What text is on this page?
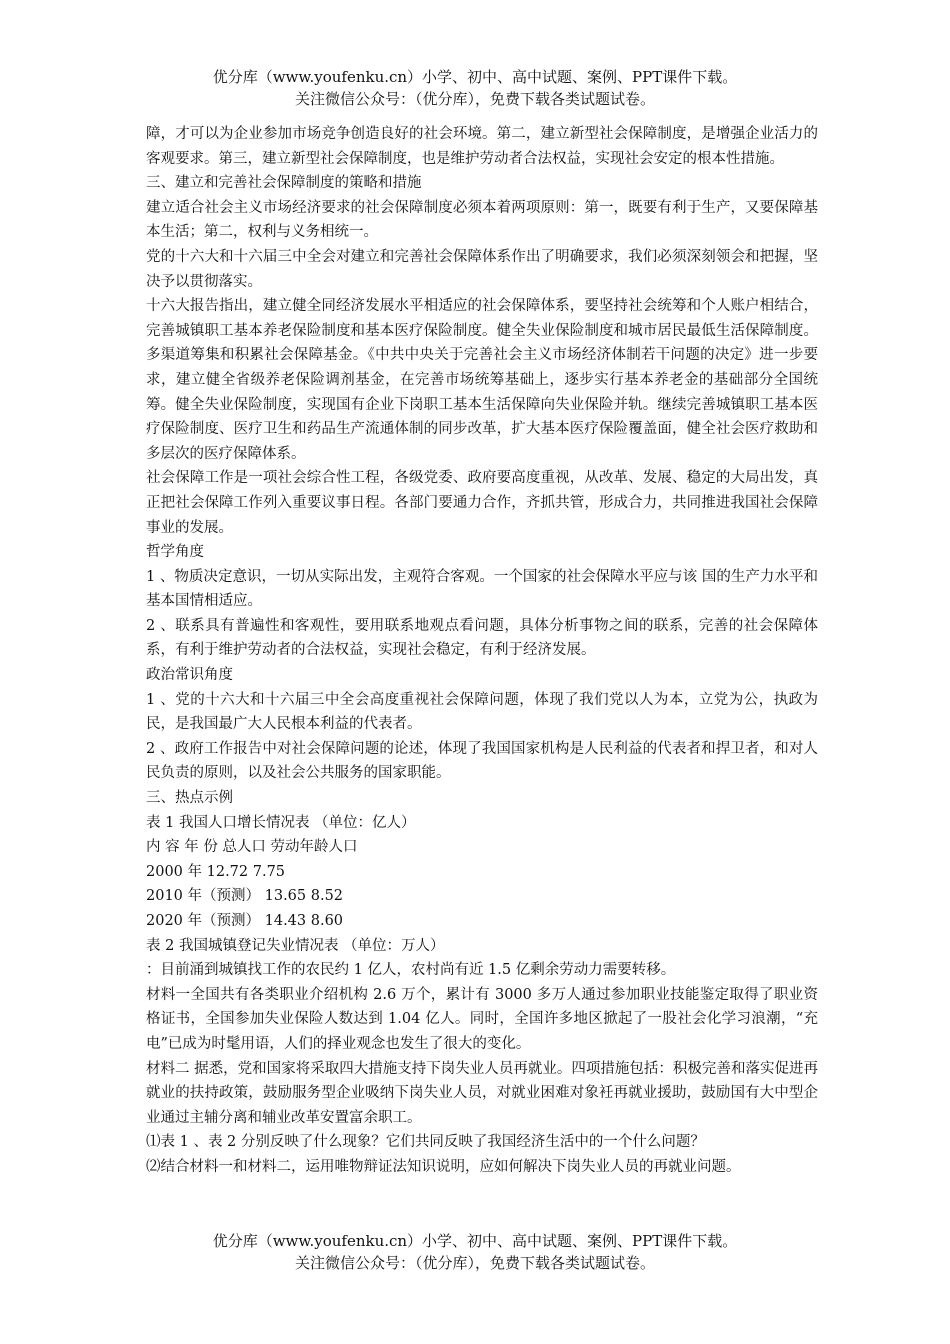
优分库（www.youfenku.cn）小学、初中、高中试题、案例、PPT课件下载。
关注微信公众号：（优分库），免费下载各类试题试卷。

障，才可以为企业参加市场竞争创造良好的社会环境。第二，建立新型社会保障制度，是增强企业活力的客观要求。第三，建立新型社会保障制度，也是维护劳动者合法权益，实现社会安定的根本性措施。

三、建立和完善社会保障制度的策略和措施

建立适合社会主义市场经济要求的社会保障制度必须本着两项原则：第一，既要有利于生产，又要保障基本生活；第二，权利与义务相统一。

党的十六大和十六届三中全会对建立和完善社会保障体系作出了明确要求，我们必须深刻领会和把握，坚决予以贯彻落实。

十六大报告指出，建立健全同经济发展水平相适应的社会保障体系，要坚持社会统筹和个人账户相结合，完善城镇职工基本养老保险制度和基本医疗保险制度。健全失业保险制度和城市居民最低生活保障制度。多渠道筹集和积累社会保障基金。《中共中央关于完善社会主义市场经济体制若干问题的决定》进一步要求，建立健全省级养老保险调剂基金，在完善市场统筹基础上，逐步实行基本养老金的基础部分全国统筹。健全失业保险制度，实现国有企业下岗职工基本生活保障向失业保险并轨。继续完善城镇职工基本医疗保险制度、医疗卫生和药品生产流通体制的同步改革，扩大基本医疗保险覆盖面，健全社会医疗救助和多层次的医疗保障体系。

社会保障工作是一项社会综合性工程，各级党委、政府要高度重视，从改革、发展、稳定的大局出发，真正把社会保障工作列入重要议事日程。各部门要通力合作，齐抓共管，形成合力，共同推进我国社会保障事业的发展。

哲学角度

1 、物质决定意识，一切从实际出发，主观符合客观。一个国家的社会保障水平应与该 国的生产力水平和基本国情相适应。

2 、联系具有普遍性和客观性，要用联系地观点看问题，具体分析事物之间的联系，完善的社会保障体系，有利于维护劳动者的合法权益，实现社会稳定，有利于经济发展。

政治常识角度

1 、党的十六大和十六届三中全会高度重视社会保障问题，体现了我们党以人为本，立党为公，执政为民，是我国最广大人民根本利益的代表者。

2 、政府工作报告中对社会保障问题的论述，体现了我国国家机构是人民利益的代表者和捍卫者，和对人民负责的原则，以及社会公共服务的国家职能。

三、热点示例

表 1 我国人口增长情况表 （单位：亿人）

内 容 年 份 总人口 劳动年龄人口

2000 年 12.72 7.75

2010 年（预测） 13.65 8.52

2020 年（预测） 14.43 8.60

表 2 我国城镇登记失业情况表 （单位：万人）

：目前涌到城镇找工作的农民约 1 亿人，农村尚有近 1.5 亿剩余劳动力需要转移。

材料一全国共有各类职业介绍机构 2.6 万个，累计有 3000 多万人通过参加职业技能鉴定取得了职业资格证书，全国参加失业保险人数达到 1.04 亿人。同时，全国许多地区掀起了一股社会化学习浪潮，“充电”已成为时髦用语，人们的择业观念也发生了很大的变化。

材料二 据悉，党和国家将采取四大措施支持下岗失业人员再就业。四项措施包括：积极完善和落实促进再就业的扶持政策，鼓励服务型企业吸纳下岗失业人员，对就业困难对象衽再就业援助，鼓励国有大中型企业通过主辅分离和辅业改革安置富余职工。

⑴表 1 、表 2 分别反映了什么现象？它们共同反映了我国经济生活中的一个什么问题？

⑵结合材料一和材料二，运用唯物辩证法知识说明，应如何解决下岗失业人员的再就业问题。

优分库（www.youfenku.cn）小学、初中、高中试题、案例、PPT课件下载。
关注微信公众号：（优分库），免费下载各类试题试卷。
